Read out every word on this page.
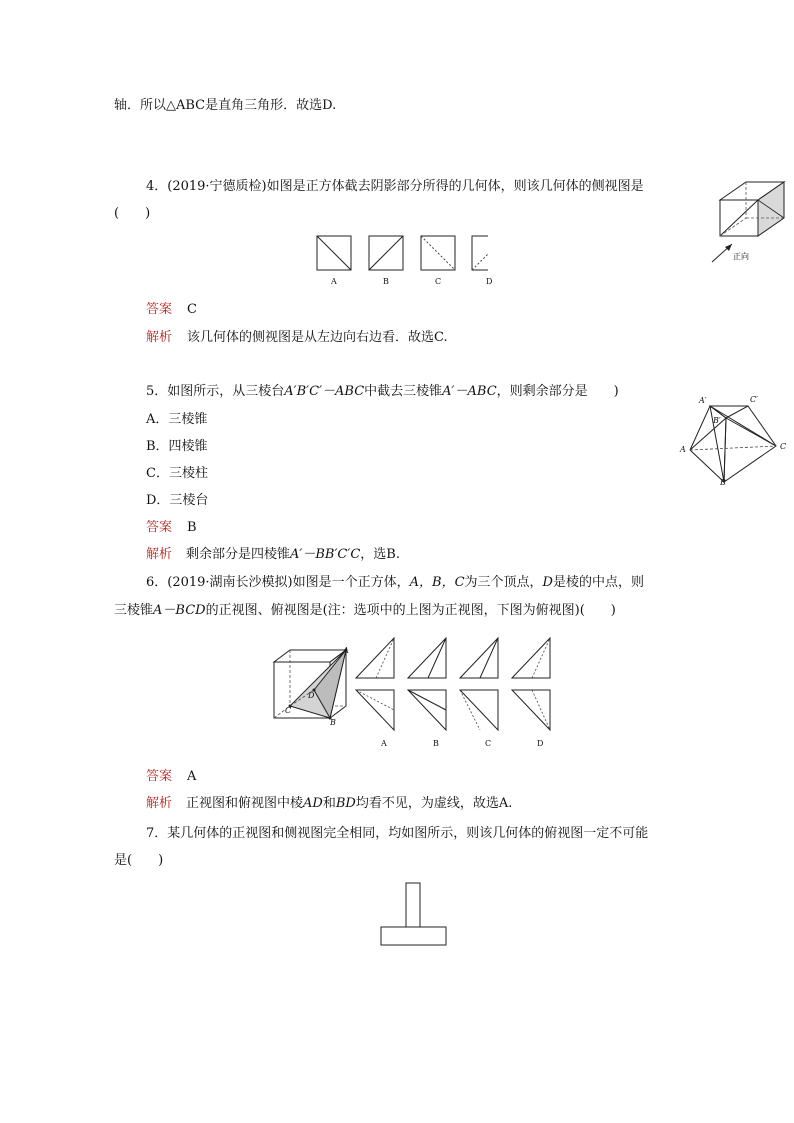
轴．所以△ABC是直角三角形．故选D.
4．(2019·宁德质检)如图是正方体截去阴影部分所得的几何体，则该几何体的侧视图是
(　　)
正向
A	B	C	D
答案 C
解析 该几何体的侧视图是从左边向右边看．故选C.
5．如图所示，从三棱台A′B′C′－ABC中截去三棱锥A′－ABC，则剩余部分是　　)
A．三棱锥
B．四棱锥
C．三棱柱
D．三棱台
A′	C′
B′
A	C
B
答案 B
解析 剩余部分是四棱锥A′－BB′C′C，选B.
6．(2019·湖南长沙模拟)如图是一个正方体，A，B，C为三个顶点，D是棱的中点，则
三棱锥A－BCD的正视图、俯视图是(注：选项中的上图为正视图，下图为俯视图)(　　)
A
D
C
B
A	B	C	D
答案 A
解析 正视图和俯视图中棱AD和BD均看不见，为虚线，故选A.
7．某几何体的正视图和侧视图完全相同，均如图所示，则该几何体的俯视图一定不可能
是(　　)
